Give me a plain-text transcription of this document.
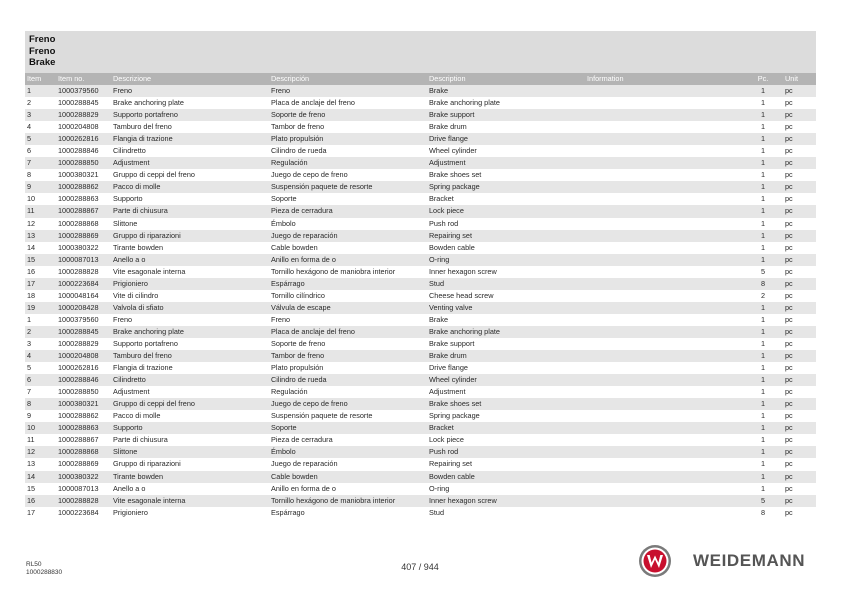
Freno
Freno
Brake
Item	Item no.	Descrizione	Descripción	Description	Information	Pc.	Unit
1	1000379560	Freno	Freno	Brake		1	pc
2	1000288845	Brake anchoring plate	Placa de anclaje del freno	Brake anchoring plate		1	pc
3	1000288829	Supporto portafreno	Soporte de freno	Brake support		1	pc
4	1000204808	Tamburo del freno	Tambor de freno	Brake drum		1	pc
5	1000262816	Flangia di trazione	Plato propulsión	Drive flange		1	pc
6	1000288846	Cilindretto	Cilindro de rueda	Wheel cylinder		1	pc
7	1000288850	Adjustment	Regulación	Adjustment		1	pc
8	1000380321	Gruppo di ceppi del freno	Juego de cepo de freno	Brake shoes set		1	pc
9	1000288862	Pacco di molle	Suspensión paquete de resorte	Spring package		1	pc
10	1000288863	Supporto	Soporte	Bracket		1	pc
11	1000288867	Parte di chiusura	Pieza de cerradura	Lock piece		1	pc
12	1000288868	Slittone	Émbolo	Push rod		1	pc
13	1000288869	Gruppo di riparazioni	Juego de reparación	Repairing set		1	pc
14	1000380322	Tirante bowden	Cable bowden	Bowden cable		1	pc
15	1000087013	Anello a o	Anillo en forma de o	O-ring		1	pc
16	1000288828	Vite esagonale interna	Tornillo hexágono de maniobra interior	Inner hexagon screw		5	pc
17	1000223684	Prigioniero	Espárrago	Stud		8	pc
18	1000048164	Vite di cilindro	Tornillo cilíndrico	Cheese head screw		2	pc
19	1000208428	Valvola di sfiato	Válvula de escape	Venting valve		1	pc
1	1000379560	Freno	Freno	Brake		1	pc
2	1000288845	Brake anchoring plate	Placa de anclaje del freno	Brake anchoring plate		1	pc
3	1000288829	Supporto portafreno	Soporte de freno	Brake support		1	pc
4	1000204808	Tamburo del freno	Tambor de freno	Brake drum		1	pc
5	1000262816	Flangia di trazione	Plato propulsión	Drive flange		1	pc
6	1000288846	Cilindretto	Cilindro de rueda	Wheel cylinder		1	pc
7	1000288850	Adjustment	Regulación	Adjustment		1	pc
8	1000380321	Gruppo di ceppi del freno	Juego de cepo de freno	Brake shoes set		1	pc
9	1000288862	Pacco di molle	Suspensión paquete de resorte	Spring package		1	pc
10	1000288863	Supporto	Soporte	Bracket		1	pc
11	1000288867	Parte di chiusura	Pieza de cerradura	Lock piece		1	pc
12	1000288868	Slittone	Émbolo	Push rod		1	pc
13	1000288869	Gruppo di riparazioni	Juego de reparación	Repairing set		1	pc
14	1000380322	Tirante bowden	Cable bowden	Bowden cable		1	pc
15	1000087013	Anello a o	Anillo en forma de o	O-ring		1	pc
16	1000288828	Vite esagonale interna	Tornillo hexágono de maniobra interior	Inner hexagon screw		5	pc
17	1000223684	Prigioniero	Espárrago	Stud		8	pc
RL50
1000288830	407 / 944	WEIDEMANN
